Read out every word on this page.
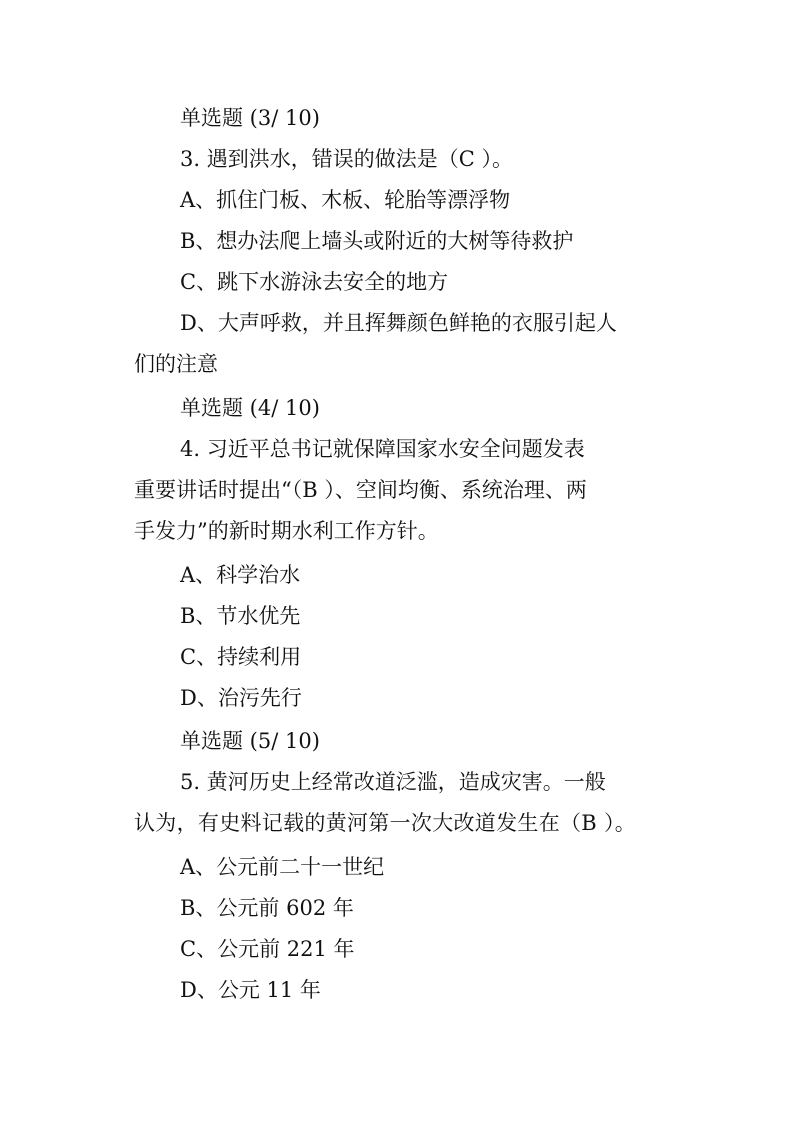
单选题 (3/ 10)
3. 遇到洪水，错误的做法是（C ）。
A、抓住门板、木板、轮胎等漂浮物
B、想办法爬上墙头或附近的大树等待救护
C、跳下水游泳去安全的地方
D、大声呼救，并且挥舞颜色鲜艳的衣服引起人
们的注意
单选题 (4/ 10)
4. 习近平总书记就保障国家水安全问题发表
重要讲话时提出“（B ）、空间均衡、系统治理、两
手发力”的新时期水利工作方针。
A、科学治水
B、节水优先
C、持续利用
D、治污先行
单选题 (5/ 10)
5. 黄河历史上经常改道泛滥，造成灾害。一般
认为，有史料记载的黄河第一次大改道发生在（B ）。
A、公元前二十一世纪
B、公元前 602 年
C、公元前 221 年
D、公元 11 年
